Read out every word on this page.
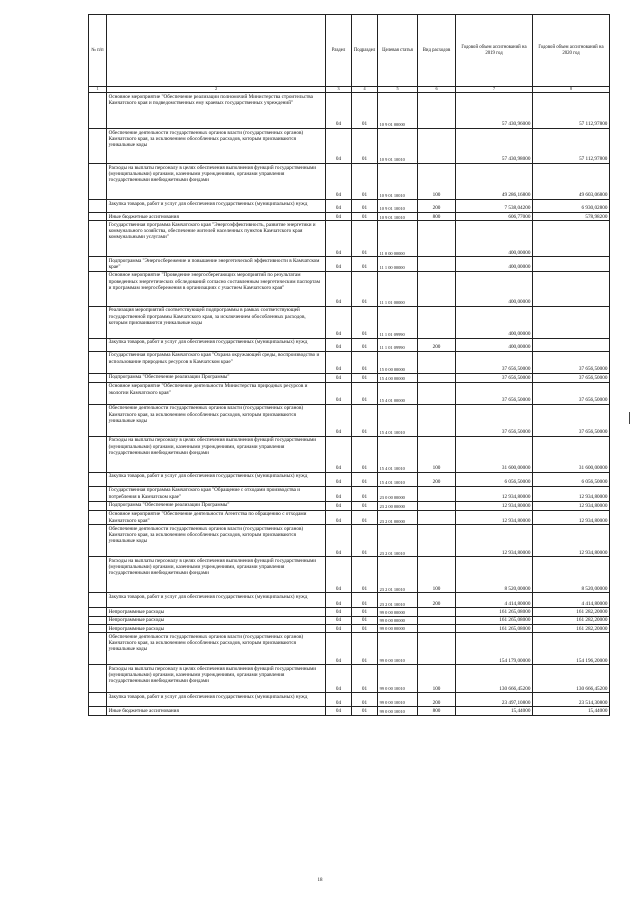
№ п/п		Раздел	Подраздел	Целевая статья	Вид расходов	Годовой объем ассигнований на 2019 год	Годовой объем ассигнований на 2020 год
1	2	3	4	5	6	7	8
	Основное мероприятие "Обеспечение реализации полномочий Министерства строительства Камчатского края и подведомственных ему краевых государственных учреждений"	04	01	10 9 01 00000		57 430,96000	57 112,97800
	Обеспечение деятельности государственных органов власти (государственных органов) Камчатского края, за исключением обособленных расходов, которым присваиваются уникальные коды	04	01	10 9 01 10010		57 430,98000	57 112,97800
	Расходы на выплаты персоналу в целях обеспечения выполнения функций государственными (муниципальными) органами, казенными учреждениями, органами управления государственными внебюджетными фондами	04	01	10 9 01 10010	100	49 286,16800	49 603,06800
	Закупка товаров, работ и услуг для обеспечения государственных (муниципальных) нужд	04	01	10 9 01 10010	200	7 538,04200	6 930,02800
	Иные бюджетные ассигнования	04	01	10 9 01 10010	800	606,77000	578,98200
	Государственная программа Камчатского края "Энергоэффективность, развитие энергетики и коммунального хозяйства, обеспечение жителей населенных пунктов Камчатского края коммунальными услугами"	04	01	11 0 00 00000		400,00000	
	Подпрограмма "Энергосбережение и повышение энергетической эффективности в Камчатском крае"	04	01	11 1 00 00000		400,00000	
	Основное мероприятие "Проведение энергосберегающих мероприятий по результатам проведенных энергетических обследований согласно составленным энергетическим паспортам и программам энергосбережения в организациях с участием Камчатского края"	04	01	11 1 01 00000		400,00000	
	Реализация мероприятий соответствующей подпрограммы в рамках соответствующей государственной программы Камчатского края, за исключением обособленных расходов, которым присваиваются уникальные коды	04	01	11 1 01 09990		400,00000	
	Закупка товаров, работ и услуг для обеспечения государственных (муниципальных) нужд	04	01	11 1 01 09990	200	400,00000	
	Государственная программа Камчатского края "Охрана окружающей среды, воспроизводство и использование природных ресурсов в Камчатском крае"	04	01	15 0 00 00000		37 656,50000	37 656,50000
	Подпрограмма "Обеспечение реализации Программы"	04	01	15 4 00 00000		37 656,50000	37 656,50000
	Основное мероприятие "Обеспечение деятельности Министерства природных ресурсов и экологии Камчатского края"	04	01	15 4 01 00000		37 656,50000	37 656,50000
	Обеспечение деятельности государственных органов власти (государственных органов) Камчатского края, за исключением обособленных расходов, которым присваиваются уникальные коды	04	01	15 4 01 10010		37 656,50000	37 656,50000
	Расходы на выплаты персоналу в целях обеспечения выполнения функций государственными (муниципальными) органами, казенными учреждениями, органами управления государственными внебюджетными фондами	04	01	15 4 01 10010	100	31 600,00000	31 600,00000
	Закупка товаров, работ и услуг для обеспечения государственных (муниципальных) нужд	04	01	15 4 01 10010	200	6 056,50000	6 056,50000
	Государственная программа Камчатского края "Обращение с отходами производства и потребления в Камчатском крае"	04	01	23 0 00 00000		12 934,80000	12 934,80000
	Подпрограмма "Обеспечение реализации Программы"	04	01	23 2 00 00000		12 934,80000	12 934,80000
	Основное мероприятие "Обеспечение деятельности Агентства по обращению с отходами Камчатского края"	04	01	23 2 01 00000		12 934,80000	12 934,80000
	Обеспечение деятельности государственных органов власти (государственных органов) Камчатского края, за исключением обособленных расходов, которым присваиваются уникальные коды	04	01	23 2 01 10010		12 934,80000	12 934,80000
	Расходы на выплаты персоналу в целях обеспечения выполнения функций государственными (муниципальными) органами, казенными учреждениями, органами управления государственными внебюджетными фондами	04	01	23 2 01 10010	100	8 520,00000	8 520,00000
	Закупка товаров, работ и услуг для обеспечения государственных (муниципальных) нужд	04	01	23 2 01 10010	200	4 414,80000	4 414,80000
	Непрограммные расходы	04	01	99 0 00 00000		161 265,08000	161 282,20000
	Непрограммные расходы	04	01	99 0 00 00000		161 265,08000	161 282,20000
	Непрограммные расходы	04	01	99 0 00 00000		161 265,08000	161 282,20000
	Обеспечение деятельности государственных органов власти (государственных органов) Камчатского края, за исключением обособленных расходов, которым присваиваются уникальные коды	04	01	99 0 00 10010		154 179,00000	154 196,20000
	Расходы на выплаты персоналу в целях обеспечения выполнения функций государственными (муниципальными) органами, казенными учреждениями, органами управления государственными внебюджетными фондами	04	01	99 0 00 10010	100	130 666,45200	130 666,45200
	Закупка товаров, работ и услуг для обеспечения государственных (муниципальных) нужд	04	01	99 0 00 10010	200	23 497,10800	23 514,30800
	Иные бюджетные ассигнования	04	01	99 0 00 10010	800	15,44000	15,44000
18
